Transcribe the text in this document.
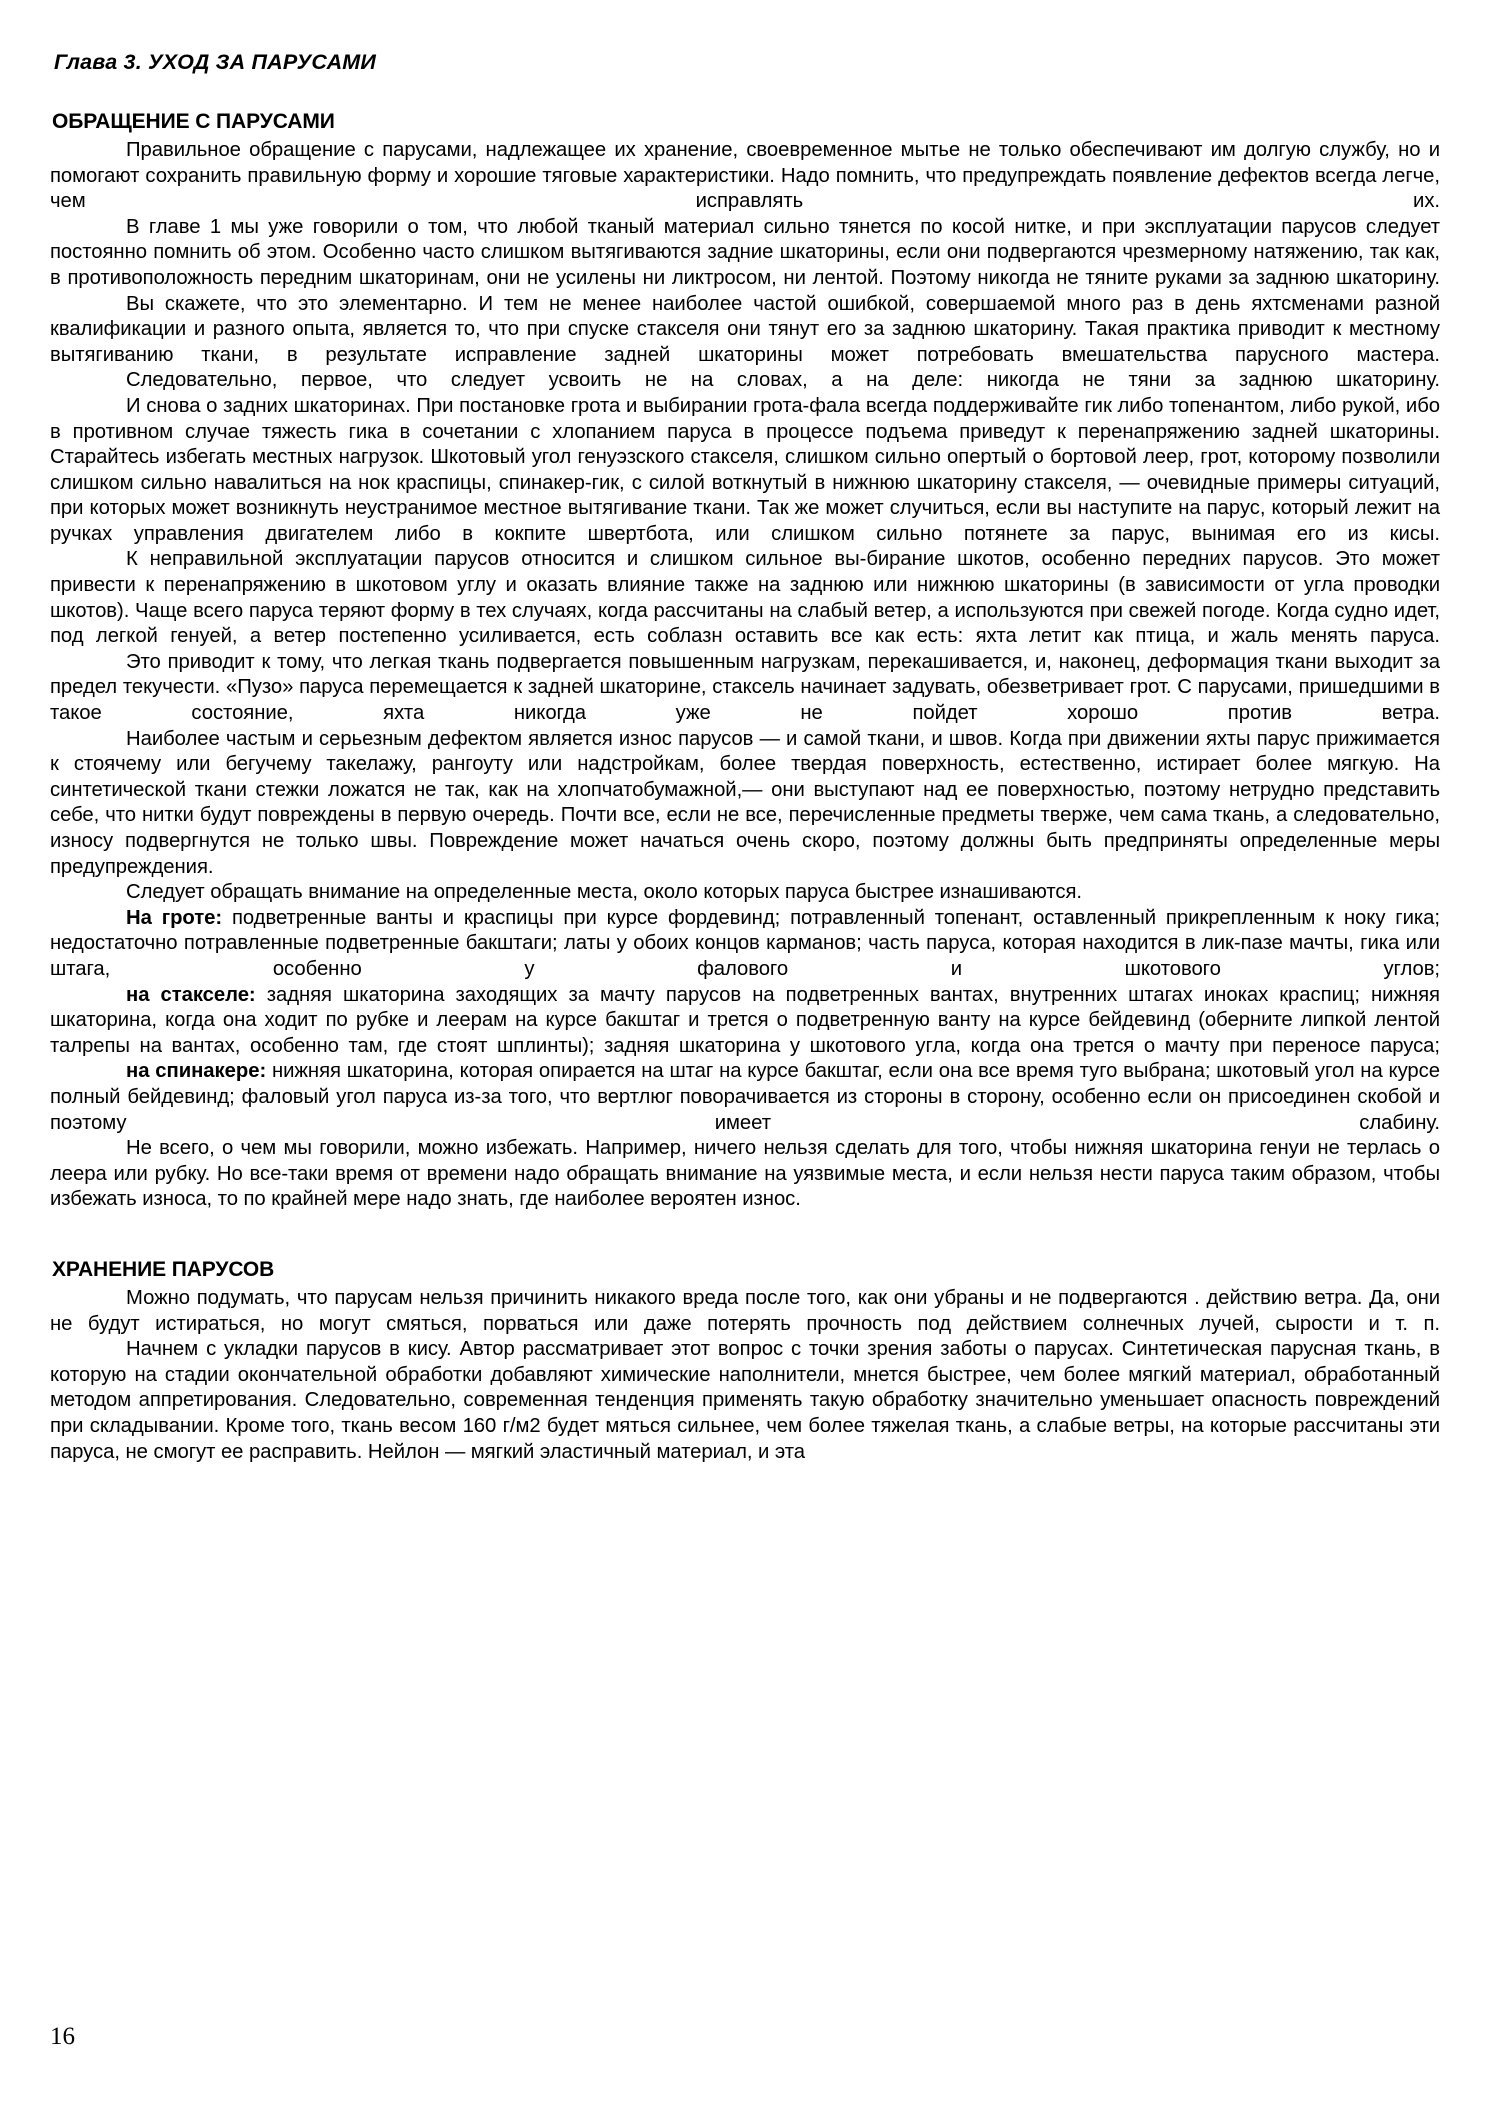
Глава 3. УХОД ЗА ПАРУСАМИ
ОБРАЩЕНИЕ С ПАРУСАМИ

Правильное обращение с парусами, надлежащее их хранение, своевременное мытье не только обеспечивают им долгую службу, но и помогают сохранить правильную форму и хорошие тяговые характеристики. Надо помнить, что предупреждать появление дефектов всегда легче, чем исправлять их.

В главе 1 мы уже говорили о том, что любой тканый материал сильно тянется по косой нитке, и при эксплуатации парусов следует постоянно помнить об этом. Особенно часто слишком вытягиваются задние шкаторины, если они подвергаются чрезмерному натяжению, так как, в противоположность передним шкаторинам, они не усилены ни ликтросом, ни лентой. Поэтому никогда не тяните руками за заднюю шкаторину.

Вы скажете, что это элементарно. И тем не менее наиболее частой ошибкой, совершаемой много раз в день яхтсменами разной квалификации и разного опыта, является то, что при спуске стакселя они тянут его за заднюю шкаторину. Такая практика приводит к местному вытягиванию ткани, в результате исправление задней шкаторины может потребовать вмешательства парусного мастера.

Следовательно, первое, что следует усвоить не на словах, а на деле: никогда не тяни за заднюю шкаторину.

И снова о задних шкаторинах. При постановке грота и выбирании грота-фала всегда поддерживайте гик либо топенантом, либо рукой, ибо в противном случае тяжесть гика в сочетании с хлопанием паруса в процессе подъема приведут к перенапряжению задней шкаторины. Старайтесь избегать местных нагрузок. Шкотовый угол генуэзского стакселя, слишком сильно опертый о бортовой леер, грот, которому позволили слишком сильно навалиться на нок краспицы, спинакер-гик, с силой воткнутый в нижнюю шкаторину стакселя, — очевидные примеры ситуаций, при которых может возникнуть неустранимое местное вытягивание ткани. Так же может случиться, если вы наступите на парус, который лежит на ручках управления двигателем либо в кокпите швертбота, или слишком сильно потянете за парус, вынимая его из кисы.

К неправильной эксплуатации парусов относится и слишком сильное вы-бирание шкотов, особенно передних парусов. Это может привести к перенапряжению в шкотовом углу и оказать влияние также на заднюю или нижнюю шкаторины (в зависимости от угла проводки шкотов). Чаще всего паруса теряют форму в тех случаях, когда рассчитаны на слабый ветер, а используются при свежей погоде. Когда судно идет, под легкой генуей, а ветер постепенно усиливается, есть соблазн оставить все как есть: яхта летит как птица, и жаль менять паруса.

Это приводит к тому, что легкая ткань подвергается повышенным нагрузкам, перекашивается, и, наконец, деформация ткани выходит за предел текучести. «Пузо» паруса перемещается к задней шкаторине, стаксель начинает задувать, обезветривает грот. С парусами, пришедшими в такое состояние, яхта никогда уже не пойдет хорошо против ветра.

Наиболее частым и серьезным дефектом является износ парусов — и самой ткани, и швов. Когда при движении яхты парус прижимается к стоячему или бегучему такелажу, рангоуту или надстройкам, более твердая поверхность, естественно, истирает более мягкую. На синтетической ткани стежки ложатся не так, как на хлопчатобумажной,— они выступают над ее поверхностью, поэтому нетрудно представить себе, что нитки будут повреждены в первую очередь. Почти все, если не все, перечисленные предметы тверже, чем сама ткань, а следовательно, износу подвергнутся не только швы. Повреждение может начаться очень скоро, поэтому должны быть предприняты определенные меры предупреждения.

Следует обращать внимание на определенные места, около которых паруса быстрее изнашиваются.

На гроте: подветренные ванты и краспицы при курсе фордевинд; потравленный топенант, оставленный прикрепленным к ноку гика; недостаточно потравленные подветренные бакштаги; латы у обоих концов карманов; часть паруса, которая находится в лик-пазе мачты, гика или штага, особенно у фалового и шкотового углов;

на стакселе: задняя шкаторина заходящих за мачту парусов на подветренных вантах, внутренних штагах иноках краспиц; нижняя шкаторина, когда она ходит по рубке и леерам на курсе бакштаг и трется о подветренную ванту на курсе бейдевинд (оберните липкой лентой талрепы на вантах, особенно там, где стоят шплинты); задняя шкаторина у шкотового угла, когда она трется о мачту при переносе паруса;

на спинакере: нижняя шкаторина, которая опирается на штаг на курсе бакштаг, если она все время туго выбрана; шкотовый угол на курсе полный бейдевинд; фаловый угол паруса из-за того, что вертлюг поворачивается из стороны в сторону, особенно если он присоединен скобой и поэтому имеет слабину.

Не всего, о чем мы говорили, можно избежать. Например, ничего нельзя сделать для того, чтобы нижняя шкаторина генуи не терлась о леера или рубку. Но все-таки время от времени надо обращать внимание на уязвимые места, и если нельзя нести паруса таким образом, чтобы избежать износа, то по крайней мере надо знать, где наиболее вероятен износ.

ХРАНЕНИЕ ПАРУСОВ

Можно подумать, что парусам нельзя причинить никакого вреда после того, как они убраны и не подвергаются . действию ветра. Да, они не будут истираться, но могут смяться, порваться или даже потерять прочность под действием солнечных лучей, сырости и т. п.

Начнем с укладки парусов в кису. Автор рассматривает этот вопрос с точки зрения заботы о парусах. Синтетическая парусная ткань, в которую на стадии окончательной обработки добавляют химические наполнители, мнется быстрее, чем более мягкий материал, обработанный методом аппретирования. Следовательно, современная тенденция применять такую обработку значительно уменьшает опасность повреждений при складывании. Кроме того, ткань весом 160 г/м2 будет мяться сильнее, чем более тяжелая ткань, а слабые ветры, на которые рассчитаны эти паруса, не смогут ее расправить. Нейлон — мягкий эластичный материал, и эта

16
